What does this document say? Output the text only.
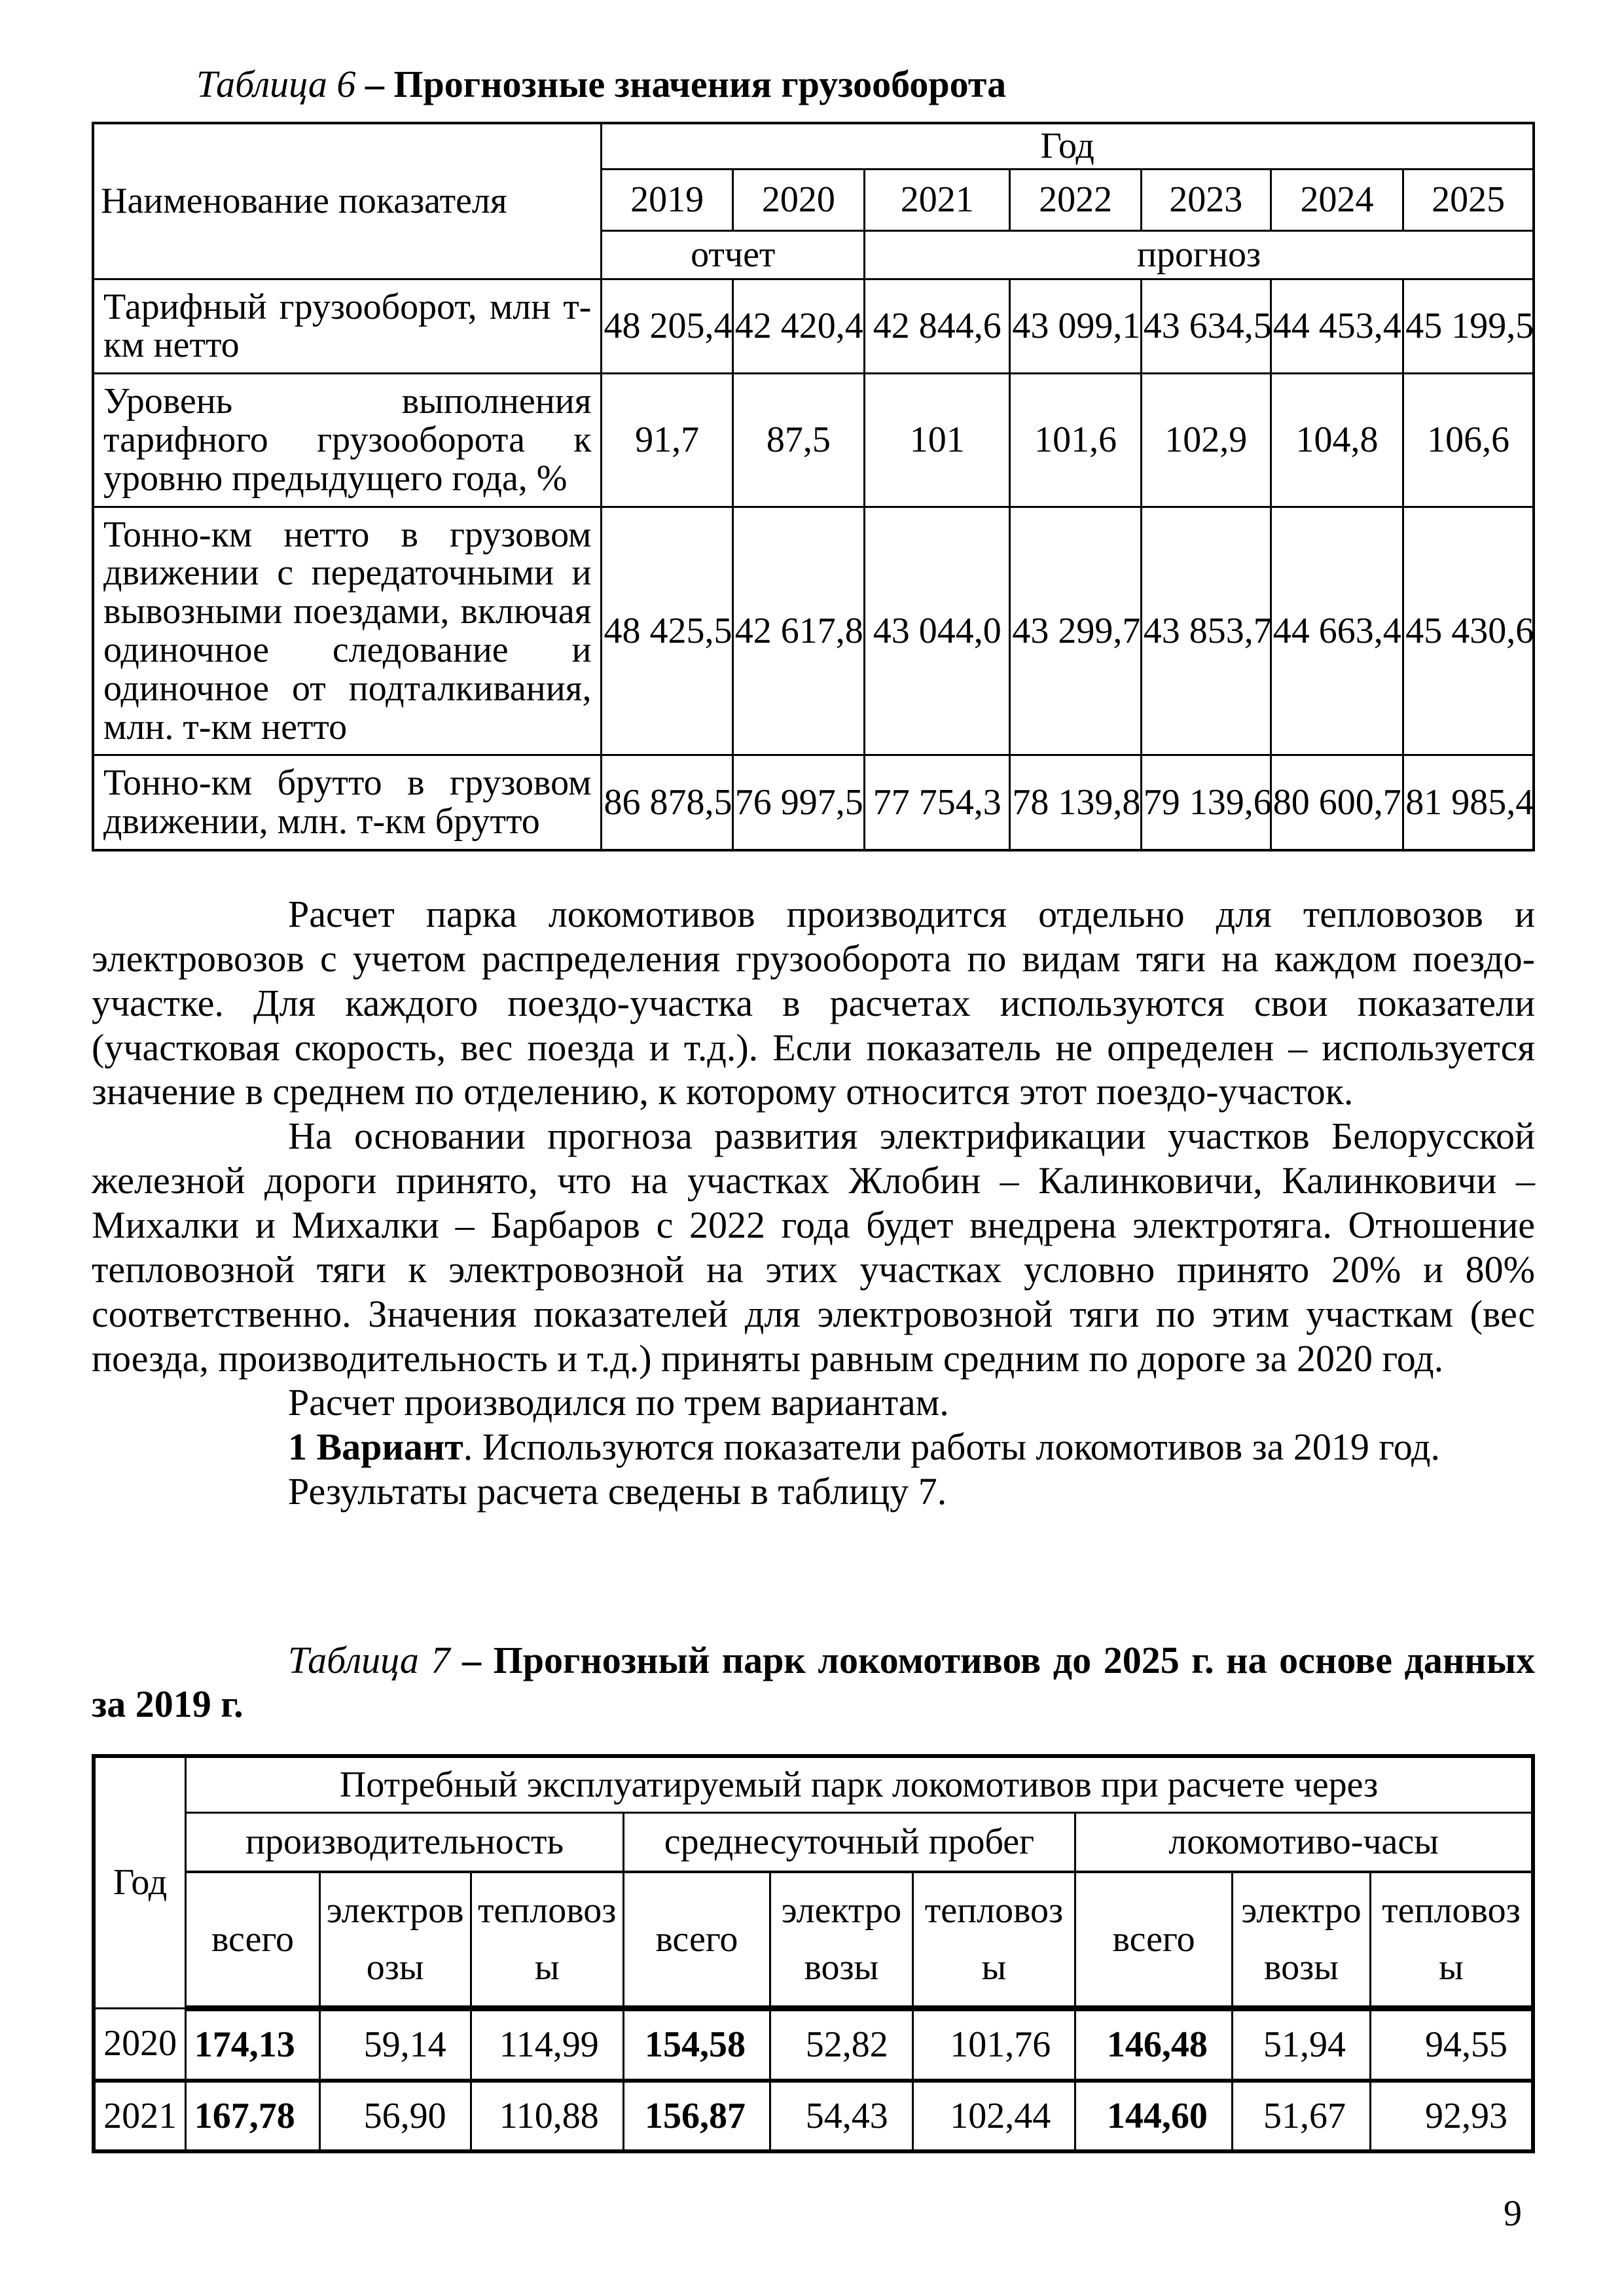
Таблица 6 – Прогнозные значения грузооборота

Наименование показателя	Год						
	2019	2020	2021	2022	2023	2024	2025
	отчет		прогноз				
Тарифный грузооборот, млн т-км нетто	48 205,4	42 420,4	42 844,6	43 099,1	43 634,5	44 453,4	45 199,5
Уровень выполнения тарифного грузооборота к уровню предыдущего года, %	91,7	87,5	101	101,6	102,9	104,8	106,6
Тонно-км нетто в грузовом движении с передаточными и вывозными поездами, включая одиночное следование и одиночное от подталкивания, млн. т-км нетто	48 425,5	42 617,8	43 044,0	43 299,7	43 853,7	44 663,4	45 430,6
Тонно-км брутто в грузовом движении, млн. т-км брутто	86 878,5	76 997,5	77 754,3	78 139,8	79 139,6	80 600,7	81 985,4

Расчет парка локомотивов производится отдельно для тепловозов и электровозов с учетом распределения грузооборота по видам тяги на каждом поездо-участке. Для каждого поездо-участка в расчетах используются свои показатели (участковая скорость, вес поезда и т.д.). Если показатель не определен – используется значение в среднем по отделению, к которому относится этот поездо-участок.

На основании прогноза развития электрификации участков Белорусской железной дороги принято, что на участках Жлобин – Калинковичи, Калинковичи – Михалки и Михалки – Барбаров с 2022 года будет внедрена электротяга. Отношение тепловозной тяги к электровозной на этих участках условно принято 20% и 80% соответственно. Значения показателей для электровозной тяги по этим участкам (вес поезда, производительность и т.д.) приняты равным средним по дороге за 2020 год.

Расчет производился по трем вариантам.

1 Вариант. Используются показатели работы локомотивов за 2019 год.

Результаты расчета сведены в таблицу 7.

Таблица 7 – Прогнозный парк локомотивов до 2025 г. на основе данных за 2019 г.

Год	Потребный эксплуатируемый парк локомотивов при расчете через								
	производительность			среднесуточный пробег			локомотиво-часы		
	всего	электровозы	тепловозы	всего	электровозы	тепловозы	всего	электровозы	тепловозы
2020	174,13	59,14	114,99	154,58	52,82	101,76	146,48	51,94	94,55
2021	167,78	56,90	110,88	156,87	54,43	102,44	144,60	51,67	92,93
9
